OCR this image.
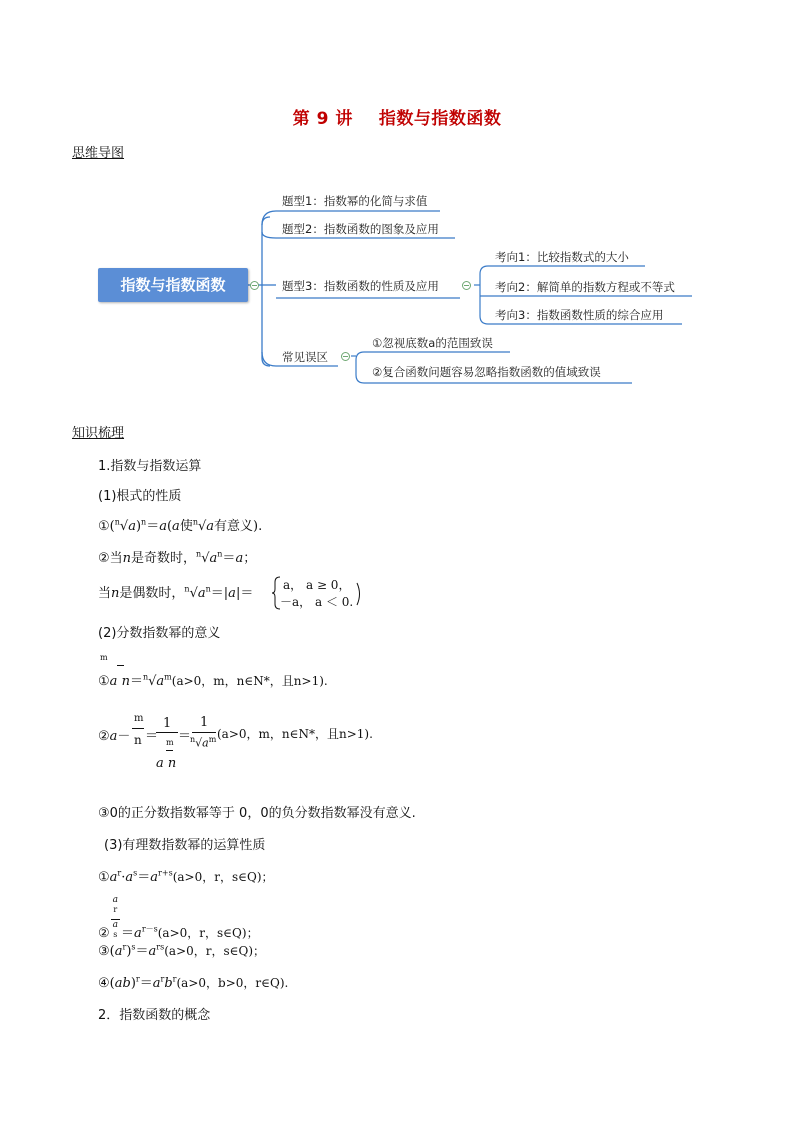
第 9 讲 指数与指数函数
思维导图
指数与指数函数
题型1：指数幂的化简与求值
题型2：指数函数的图象及应用
题型3：指数函数的性质及应用
常见误区
考向1：比较指数式的大小
考向2：解简单的指数方程或不等式
考向3：指数函数性质的综合应用
①忽视底数a的范围致误
②复合函数问题容易忽略指数函数的值域致误
知识梳理
1.指数与指数运算
(1)根式的性质
$①(^n√a)^n=a(a$使$^n$√a有意义).
②当n是奇数时，$^n√a^n=a$；
当n是偶数时，$^n√a^n=|a|=$
a， a ≥ 0，
－a， a ＜ 0.
(2)分数指数幂的意义
m
①a $n=^n√a^m(a>0$，m，n∈N*，且n>1).
②a－
m
n ＝
1
m
a n
＝
1
$^n√a^m$ (a>0，m，n∈N*，且n>1).
③0的正分数指数幂等于 0，0的负分数指数幂没有意义.
(3)有理数指数幂的运算性质
$①a^r\cdot a^s=a^{r+s}(a>0$，r，s∈Q)；
② a
$^r$
a
$^s =a^{r-s}(a>0$，r，s∈Q)；
$③(a^r)^s=a^{rs}(a>0$，r，s∈Q)；
$④(ab)^r=a^rb^r(a>0$，b>0，r∈Q).
2．指数函数的概念
